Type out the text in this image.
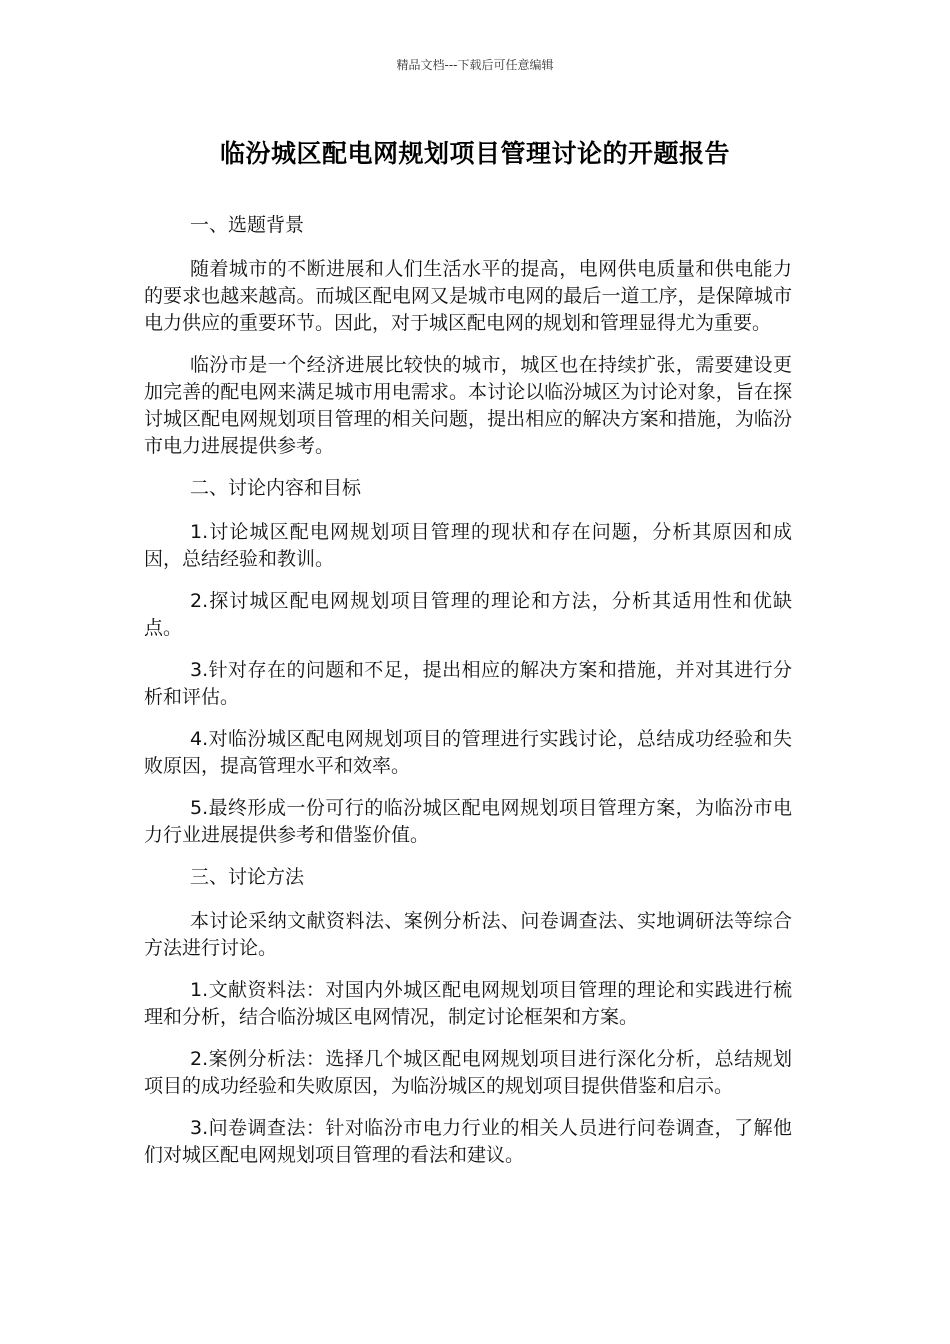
精品文档---下载后可任意编辑
临汾城区配电网规划项目管理讨论的开题报告

一、选题背景

随着城市的不断进展和人们生活水平的提高，电网供电质量和供电能力的要求也越来越高。而城区配电网又是城市电网的最后一道工序，是保障城市电力供应的重要环节。因此，对于城区配电网的规划和管理显得尤为重要。

临汾市是一个经济进展比较快的城市，城区也在持续扩张，需要建设更加完善的配电网来满足城市用电需求。本讨论以临汾城区为讨论对象，旨在探讨城区配电网规划项目管理的相关问题，提出相应的解决方案和措施，为临汾市电力进展提供参考。

二、讨论内容和目标

1.讨论城区配电网规划项目管理的现状和存在问题，分析其原因和成因，总结经验和教训。

2.探讨城区配电网规划项目管理的理论和方法，分析其适用性和优缺点。

3.针对存在的问题和不足，提出相应的解决方案和措施，并对其进行分析和评估。

4.对临汾城区配电网规划项目的管理进行实践讨论，总结成功经验和失败原因，提高管理水平和效率。

5.最终形成一份可行的临汾城区配电网规划项目管理方案，为临汾市电力行业进展提供参考和借鉴价值。

三、讨论方法

本讨论采纳文献资料法、案例分析法、问卷调查法、实地调研法等综合方法进行讨论。

1.文献资料法：对国内外城区配电网规划项目管理的理论和实践进行梳理和分析，结合临汾城区电网情况，制定讨论框架和方案。

2.案例分析法：选择几个城区配电网规划项目进行深化分析，总结规划项目的成功经验和失败原因，为临汾城区的规划项目提供借鉴和启示。

3.问卷调查法：针对临汾市电力行业的相关人员进行问卷调查，了解他们对城区配电网规划项目管理的看法和建议。
